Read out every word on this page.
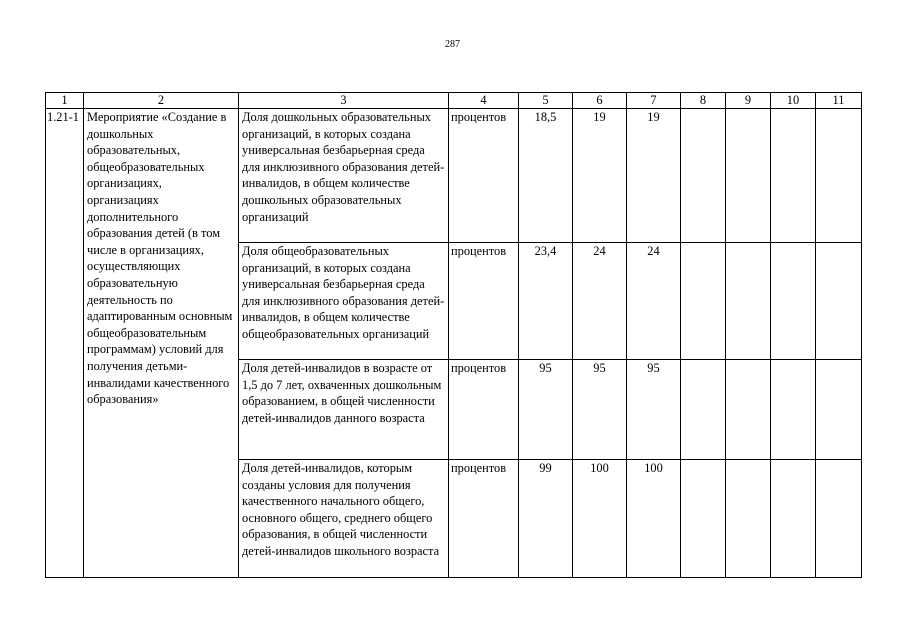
287
1	2	3	4	5	6	7	8	9	10	11
1.21-1	Мероприятие «Создание в дошкольных образовательных, общеобразовательных организациях, организациях дополнительного образования детей (в том числе в организациях, осуществляющих образовательную деятельность по адаптированным основным общеобразовательным программам) условий для получения детьми-инвалидами качественного образования»	Доля дошкольных образовательных организаций, в которых создана универсальная безбарьерная среда для инклюзивного образования детей-инвалидов, в общем количестве дошкольных образовательных организаций	процентов	18,5	19	19				
		Доля общеобразовательных организаций, в которых создана универсальная безбарьерная среда для инклюзивного образования детей-инвалидов, в общем количестве общеобразовательных организаций	процентов	23,4	24	24				
		Доля детей-инвалидов в возрасте от 1,5 до 7 лет, охваченных дошкольным образованием, в общей численности детей-инвалидов данного возраста	процентов	95	95	95				
		Доля детей-инвалидов, которым созданы условия для получения качественного начального общего, основного общего, среднего общего образования, в общей численности детей-инвалидов школьного возраста	процентов	99	100	100				
